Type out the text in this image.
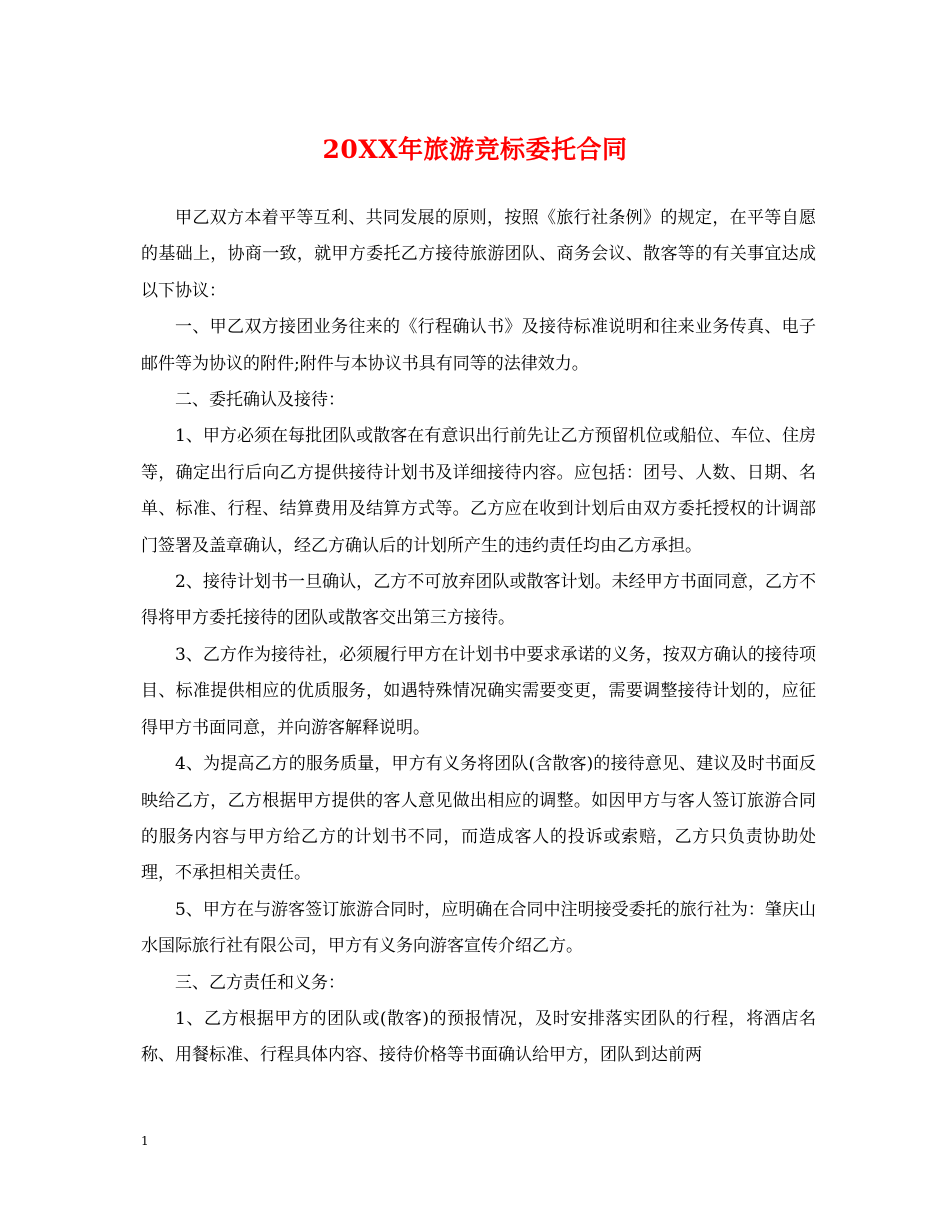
20XX年旅游竞标委托合同

甲乙双方本着平等互利、共同发展的原则，按照《旅行社条例》的规定，在平等自愿的基础上，协商一致，就甲方委托乙方接待旅游团队、商务会议、散客等的有关事宜达成以下协议：

一、甲乙双方接团业务往来的《行程确认书》及接待标准说明和往来业务传真、电子邮件等为协议的附件;附件与本协议书具有同等的法律效力。

二、委托确认及接待：

1、甲方必须在每批团队或散客在有意识出行前先让乙方预留机位或船位、车位、住房等，确定出行后向乙方提供接待计划书及详细接待内容。应包括：团号、人数、日期、名单、标准、行程、结算费用及结算方式等。乙方应在收到计划后由双方委托授权的计调部门签署及盖章确认，经乙方确认后的计划所产生的违约责任均由乙方承担。

2、接待计划书一旦确认，乙方不可放弃团队或散客计划。未经甲方书面同意，乙方不得将甲方委托接待的团队或散客交出第三方接待。

3、乙方作为接待社，必须履行甲方在计划书中要求承诺的义务，按双方确认的接待项目、标准提供相应的优质服务，如遇特殊情况确实需要变更，需要调整接待计划的，应征得甲方书面同意，并向游客解释说明。

4、为提高乙方的服务质量，甲方有义务将团队(含散客)的接待意见、建议及时书面反映给乙方，乙方根据甲方提供的客人意见做出相应的调整。如因甲方与客人签订旅游合同的服务内容与甲方给乙方的计划书不同，而造成客人的投诉或索赔，乙方只负责协助处理，不承担相关责任。

5、甲方在与游客签订旅游合同时，应明确在合同中注明接受委托的旅行社为：肇庆山水国际旅行社有限公司，甲方有义务向游客宣传介绍乙方。

三、乙方责任和义务：

1、乙方根据甲方的团队或(散客)的预报情况，及时安排落实团队的行程，将酒店名称、用餐标准、行程具体内容、接待价格等书面确认给甲方，团队到达前两

1
